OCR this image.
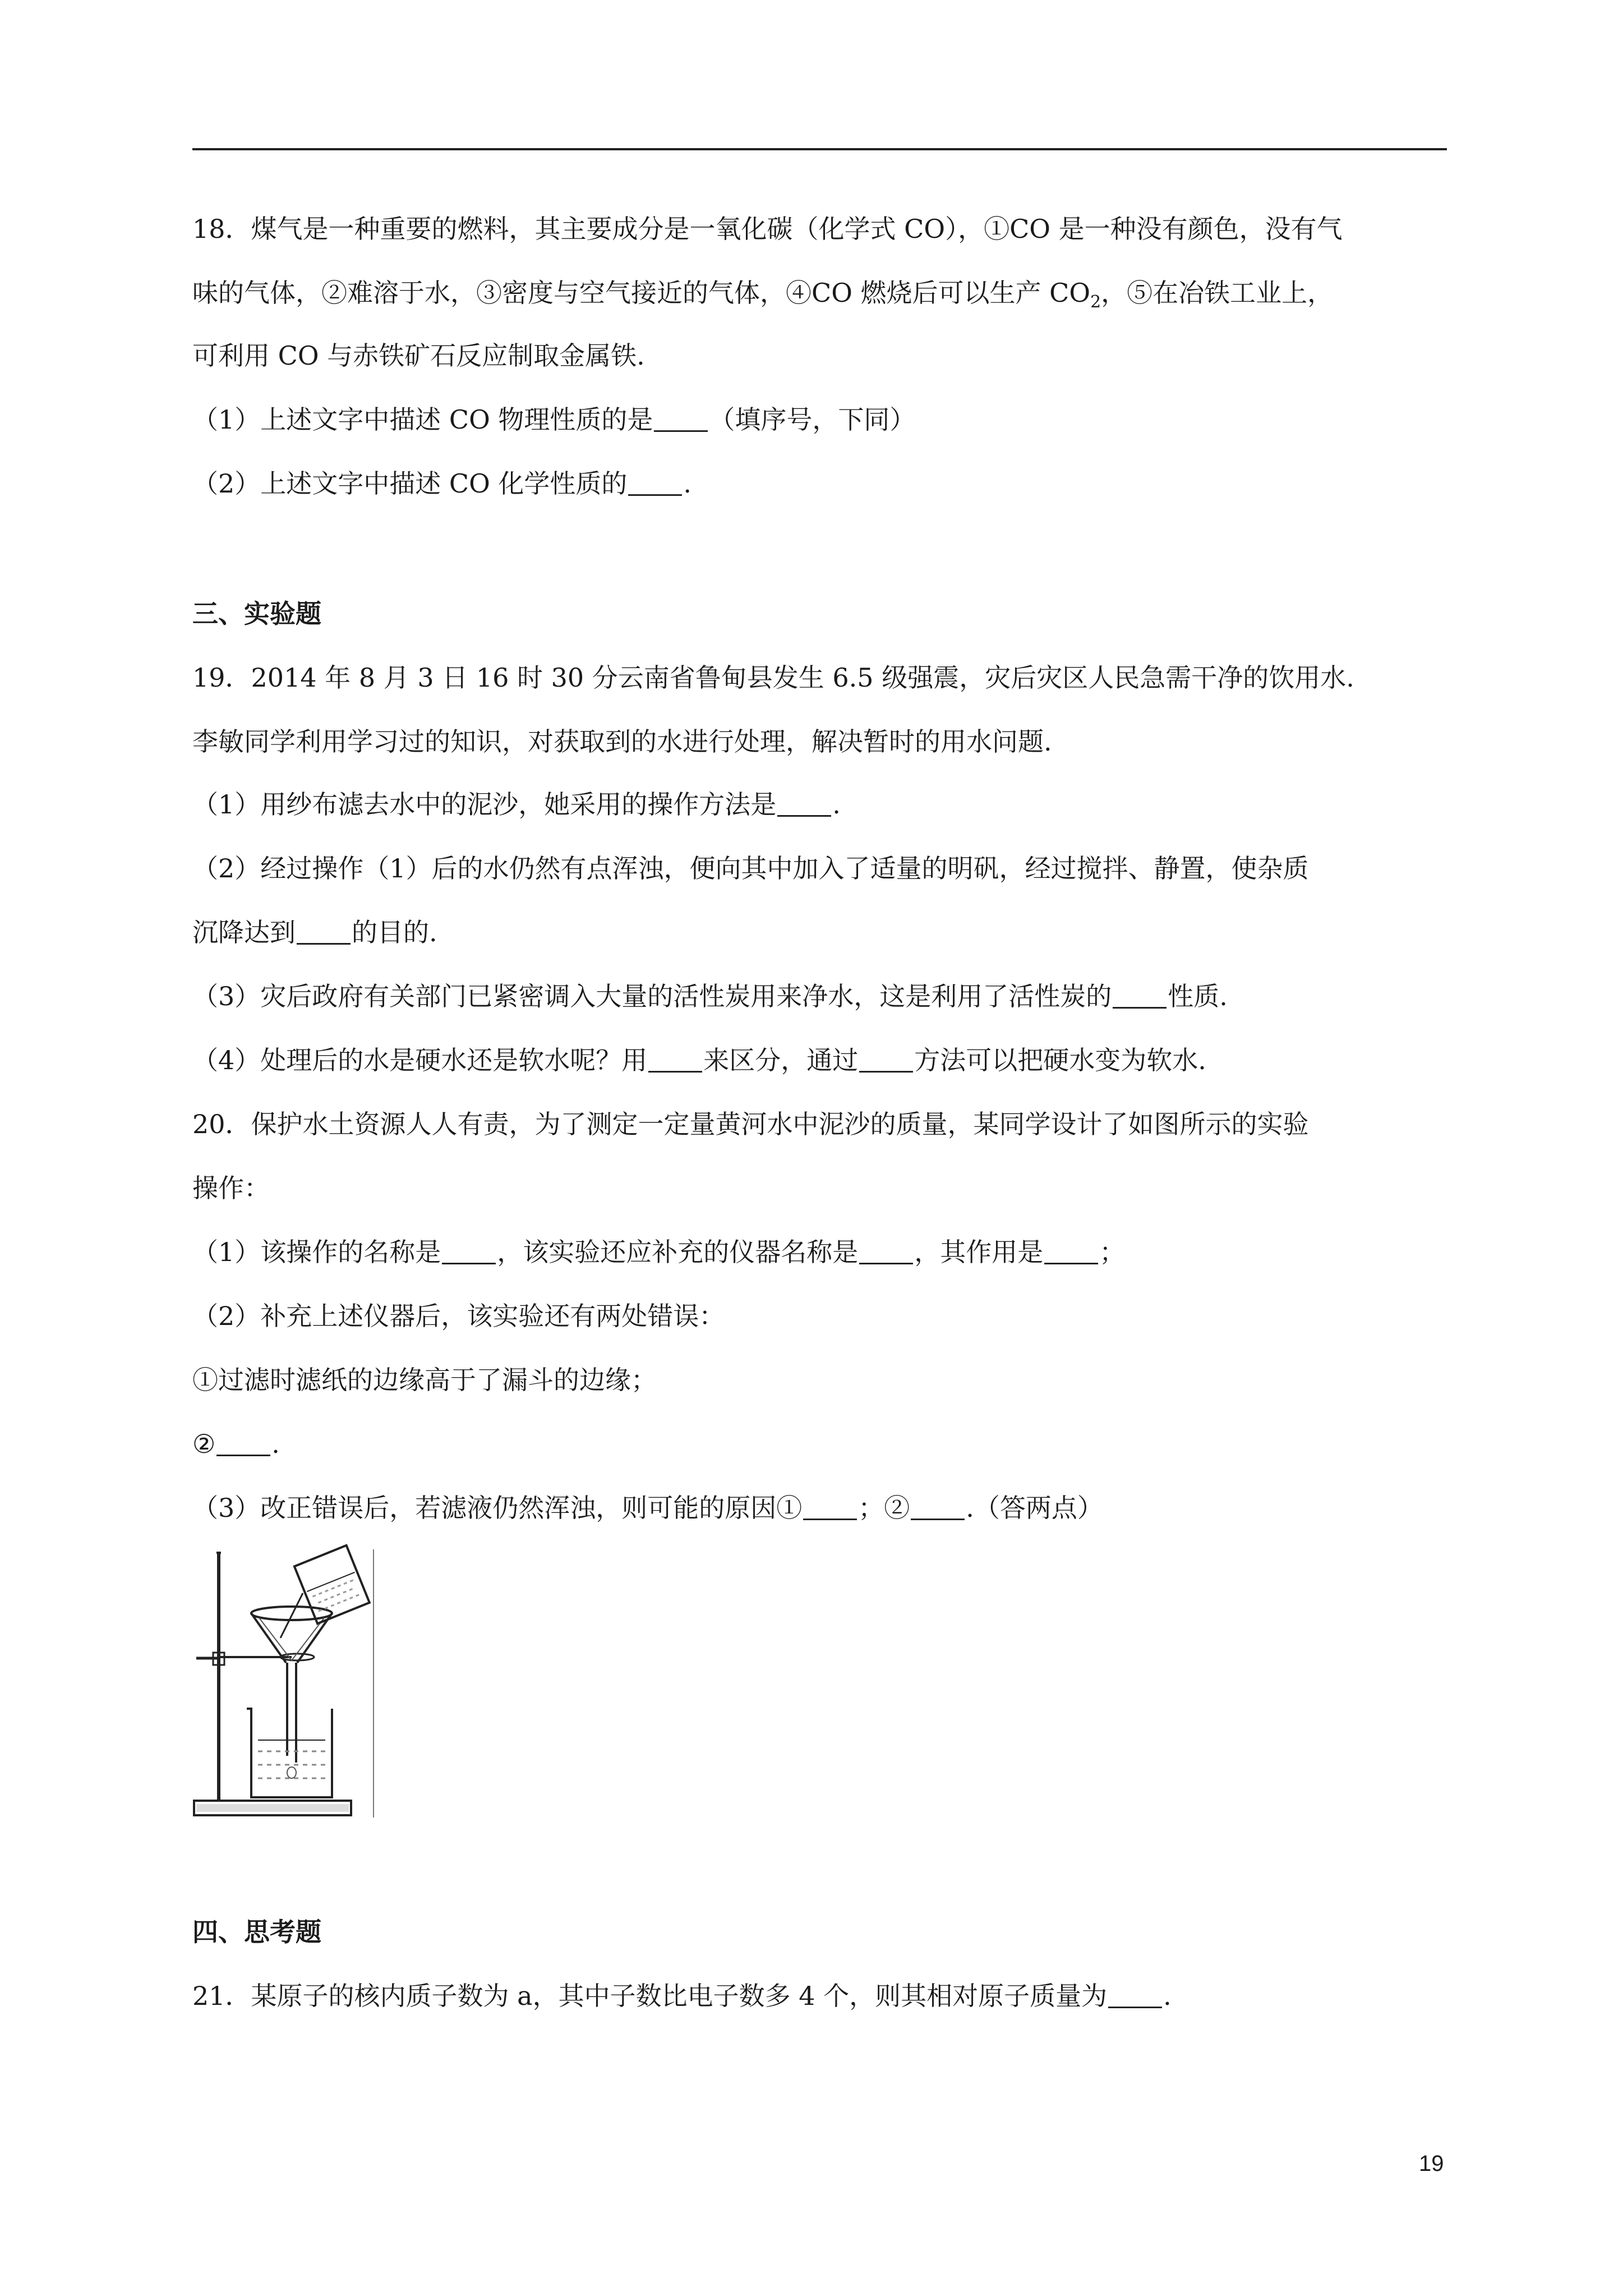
18．煤气是一种重要的燃料，其主要成分是一氧化碳（化学式 CO），①CO 是一种没有颜色，没有气
味的气体，②难溶于水，③密度与空气接近的气体，④CO 燃烧后可以生产 $CO_2$，⑤在冶铁工业上，
可利用 CO 与赤铁矿石反应制取金属铁.
（1）上述文字中描述 CO 物理性质的是 （填序号，下同）
（2）上述文字中描述 CO 化学性质的 .
三、实验题
19．2014 年 8 月 3 日 16 时 30 分云南省鲁甸县发生 6.5 级强震，灾后灾区人民急需干净的饮用水.
李敏同学利用学习过的知识，对获取到的水进行处理，解决暂时的用水问题.
（1）用纱布滤去水中的泥沙，她采用的操作方法是 .
（2）经过操作（1）后的水仍然有点浑浊，便向其中加入了适量的明矾，经过搅拌、静置，使杂质
沉降达到 的目的.
（3）灾后政府有关部门已紧密调入大量的活性炭用来净水，这是利用了活性炭的 性质.
（4）处理后的水是硬水还是软水呢？用 来区分，通过 方法可以把硬水变为软水.
20．保护水土资源人人有责，为了测定一定量黄河水中泥沙的质量，某同学设计了如图所示的实验
操作：
（1）该操作的名称是 ，该实验还应补充的仪器名称是 ，其作用是 ；
（2）补充上述仪器后，该实验还有两处错误：
①过滤时滤纸的边缘高于了漏斗的边缘；
② .
（3）改正错误后，若滤液仍然浑浊，则可能的原因① ；② .（答两点）
四、思考题
21．某原子的核内质子数为 a，其中子数比电子数多 4 个，则其相对原子质量为 .
19
